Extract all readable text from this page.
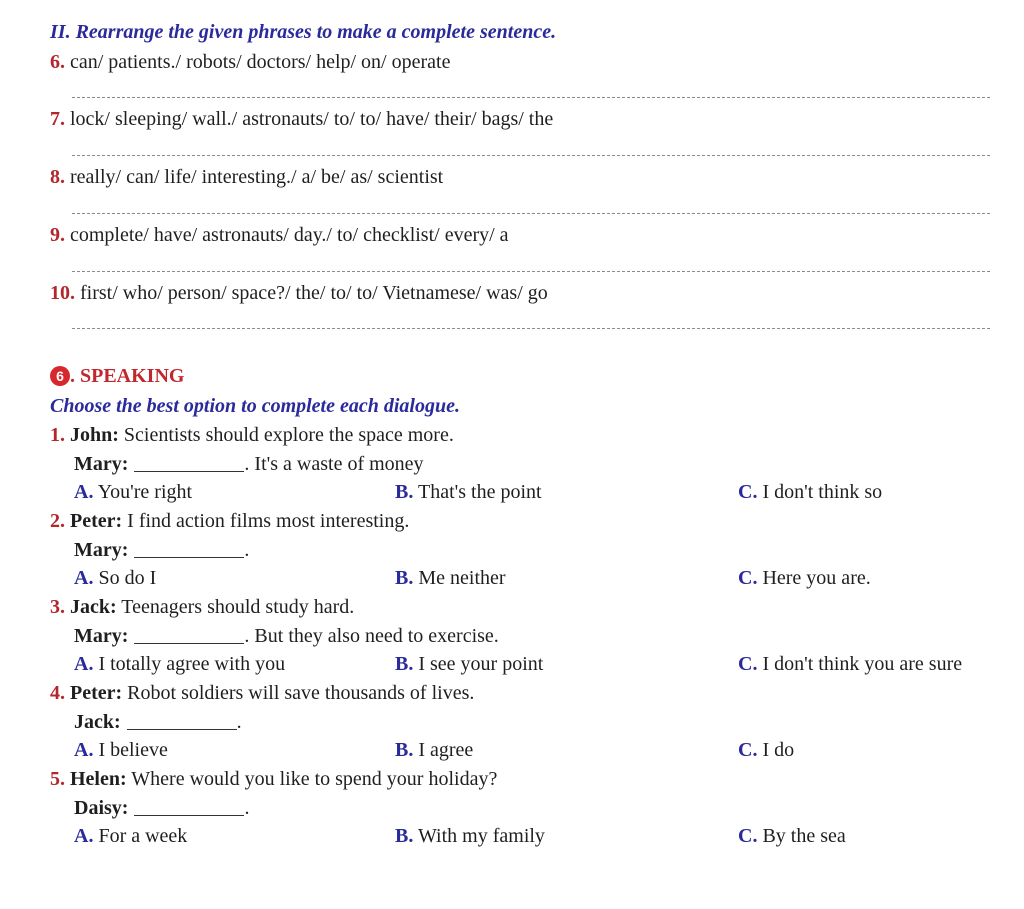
II. Rearrange the given phrases to make a complete sentence.
6. can/ patients./ robots/ doctors/ help/ on/ operate
7. lock/ sleeping/ wall./ astronauts/ to/ to/ have/ their/ bags/ the
8. really/ can/ life/ interesting./ a/ be/ as/ scientist
9. complete/ have/ astronauts/ day./ to/ checklist/ every/ a
10. first/ who/ person/ space?/ the/ to/ to/ Vietnamese/ was/ go
6 . SPEAKING
Choose the best option to complete each dialogue.
1. John: Scientists should explore the space more.
Mary:	. It's a waste of money
A. You're right	B. That's the point	C. I don't think so
2. Peter: I find action films most interesting.
Mary:	.
A. So do I	B. Me neither	C. Here you are.
3. Jack: Teenagers should study hard.
Mary:	. But they also need to exercise.
A. I totally agree with you	B. I see your point	C. I don't think you are sure
4. Peter: Robot soldiers will save thousands of lives.
Jack:	.
A. I believe	B. I agree	C. I do
5. Helen: Where would you like to spend your holiday?
Daisy:	.
A. For a week	B. With my family	C. By the sea
